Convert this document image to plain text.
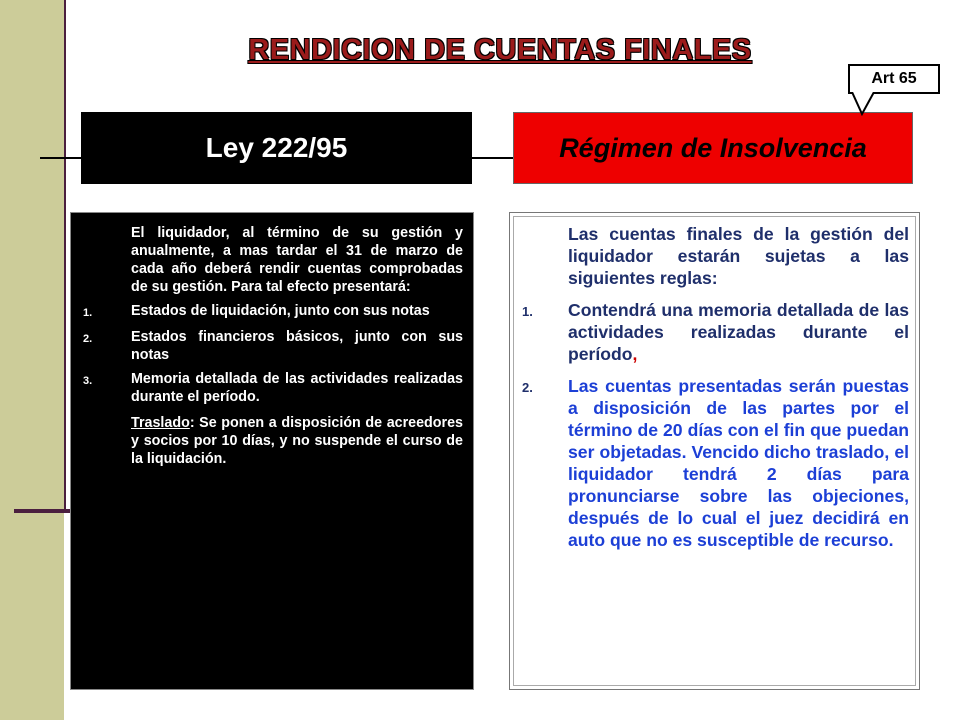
RENDICION DE CUENTAS FINALES
Ley 222/95	Régimen de Insolvencia
Art 65

El liquidador, al término de su gestión y anualmente, a mas tardar el 31 de marzo de cada año deberá rendir cuentas comprobadas de su gestión. Para tal efecto presentará:

1.	Estados de liquidación, junto con sus notas
2.	Estados financieros básicos, junto con sus notas
3.	Memoria detallada de las actividades realizadas durante el período.

Traslado: Se ponen a disposición de acreedores y socios por 10 días, y no suspende el curso de la liquidación.

Las cuentas finales de la gestión del liquidador estarán sujetas a las siguientes reglas:

1.	Contendrá una memoria detallada de las actividades realizadas durante el período,
2.	Las cuentas presentadas serán puestas a disposición de las partes por el término de 20 días con el fin que puedan ser objetadas. Vencido dicho traslado, el liquidador tendrá 2 días para pronunciarse sobre las objeciones, después de lo cual el juez decidirá en auto que no es susceptible de recurso.
